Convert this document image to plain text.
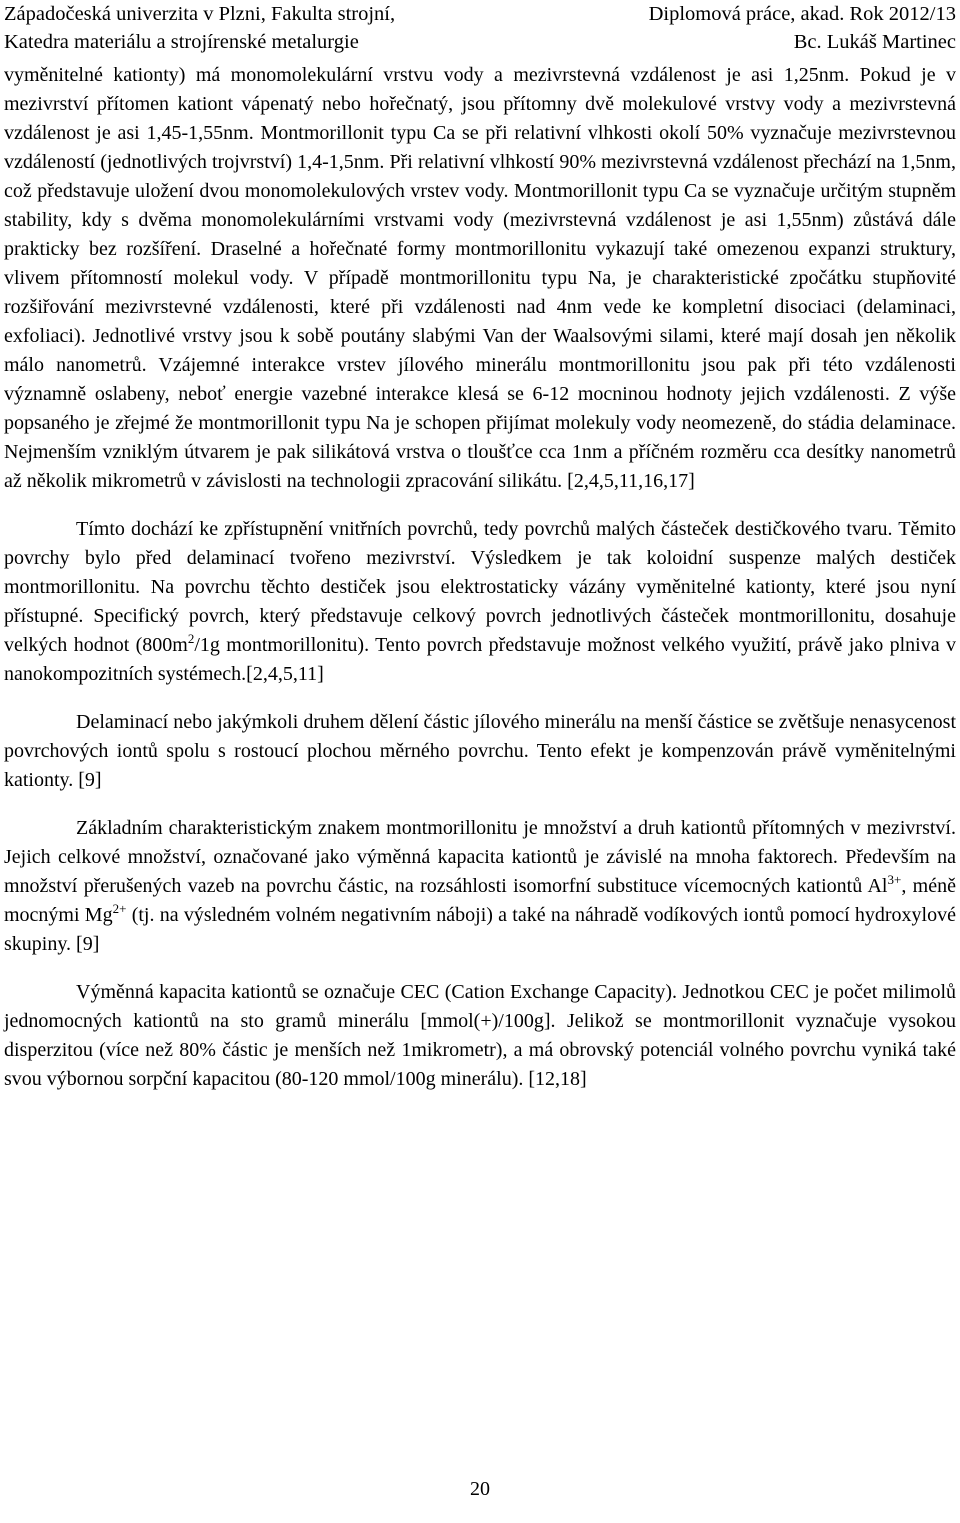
Západočeská univerzita v Plzni, Fakulta strojní,	Diplomová práce, akad. Rok 2012/13
Katedra materiálu a strojírenské metalurgie	Bc. Lukáš Martinec

vyměnitelné kationty) má monomolekulární vrstvu vody a mezivrstevná vzdálenost je asi 1,25nm. Pokud je v mezivrství přítomen kationt vápenatý nebo hořečnatý, jsou přítomny dvě molekulové vrstvy vody a mezivrstevná vzdálenost je asi 1,45-1,55nm. Montmorillonit typu Ca se při relativní vlhkosti okolí 50% vyznačuje mezivrstevnou vzdáleností (jednotlivých trojvrství) 1,4-1,5nm. Při relativní vlhkostí 90% mezivrstevná vzdálenost přechází na 1,5nm, což představuje uložení dvou monomolekulových vrstev vody. Montmorillonit typu Ca se vyznačuje určitým stupněm stability, kdy s dvěma monomolekulárními vrstvami vody (mezivrstevná vzdálenost je asi 1,55nm) zůstává dále prakticky bez rozšíření. Draselné a hořečnaté formy montmorillonitu vykazují také omezenou expanzi struktury, vlivem přítomností molekul vody. V případě montmorillonitu typu Na, je charakteristické zpočátku stupňovité rozšiřování mezivrstevné vzdálenosti, které při vzdálenosti nad 4nm vede ke kompletní disociaci (delaminaci, exfoliaci). Jednotlivé vrstvy jsou k sobě poutány slabými Van der Waalsovými silami, které mají dosah jen několik málo nanometrů. Vzájemné interakce vrstev jílového minerálu montmorillonitu jsou pak při této vzdálenosti významně oslabeny, neboť energie vazebné interakce klesá se 6-12 mocninou hodnoty jejich vzdálenosti. Z výše popsaného je zřejmé že montmorillonit typu Na je schopen přijímat molekuly vody neomezeně, do stádia delaminace. Nejmenším vzniklým útvarem je pak silikátová vrstva o tloušťce cca 1nm a příčném rozměru cca desítky nanometrů až několik mikrometrů v závislosti na technologii zpracování silikátu. [2,4,5,11,16,17]

Tímto dochází ke zpřístupnění vnitřních povrchů, tedy povrchů malých částeček destičkového tvaru. Těmito povrchy bylo před delaminací tvořeno mezivrství. Výsledkem je tak koloidní suspenze malých destiček montmorillonitu. Na povrchu těchto destiček jsou elektrostaticky vázány vyměnitelné kationty, které jsou nyní přístupné. Specifický povrch, který představuje celkový povrch jednotlivých částeček montmorillonitu, dosahuje velkých hodnot ($800m^2/1g$ montmorillonitu). Tento povrch představuje možnost velkého využití, právě jako plniva v nanokompozitních systémech.[2,4,5,11]

Delaminací nebo jakýmkoli druhem dělení částic jílového minerálu na menší částice se zvětšuje nenasycenost povrchových iontů spolu s rostoucí plochou měrného povrchu. Tento efekt je kompenzován právě vyměnitelnými kationty. [9]

Základním charakteristickým znakem montmorillonitu je množství a druh kationtů přítomných v mezivrství. Jejich celkové množství, označované jako výměnná kapacita kationtů je závislé na mnoha faktorech. Především na množství přerušených vazeb na povrchu částic, na rozsáhlosti isomorfní substituce vícemocných kationtů $Al^{3+}$, méně mocnými $Mg^{2+}$ (tj. na výsledném volném negativním náboji) a také na náhradě vodíkových iontů pomocí hydroxylové skupiny. [9]

Výměnná kapacita kationtů se označuje CEC (Cation Exchange Capacity). Jednotkou CEC je počet milimolů jednomocných kationtů na sto gramů minerálu [mmol(+)/100g]. Jelikož se montmorillonit vyznačuje vysokou disperzitou (více než 80% částic je menších než 1mikrometr), a má obrovský potenciál volného povrchu vyniká také svou výbornou sorpční kapacitou (80-120 mmol/100g minerálu). [12,18]

20
